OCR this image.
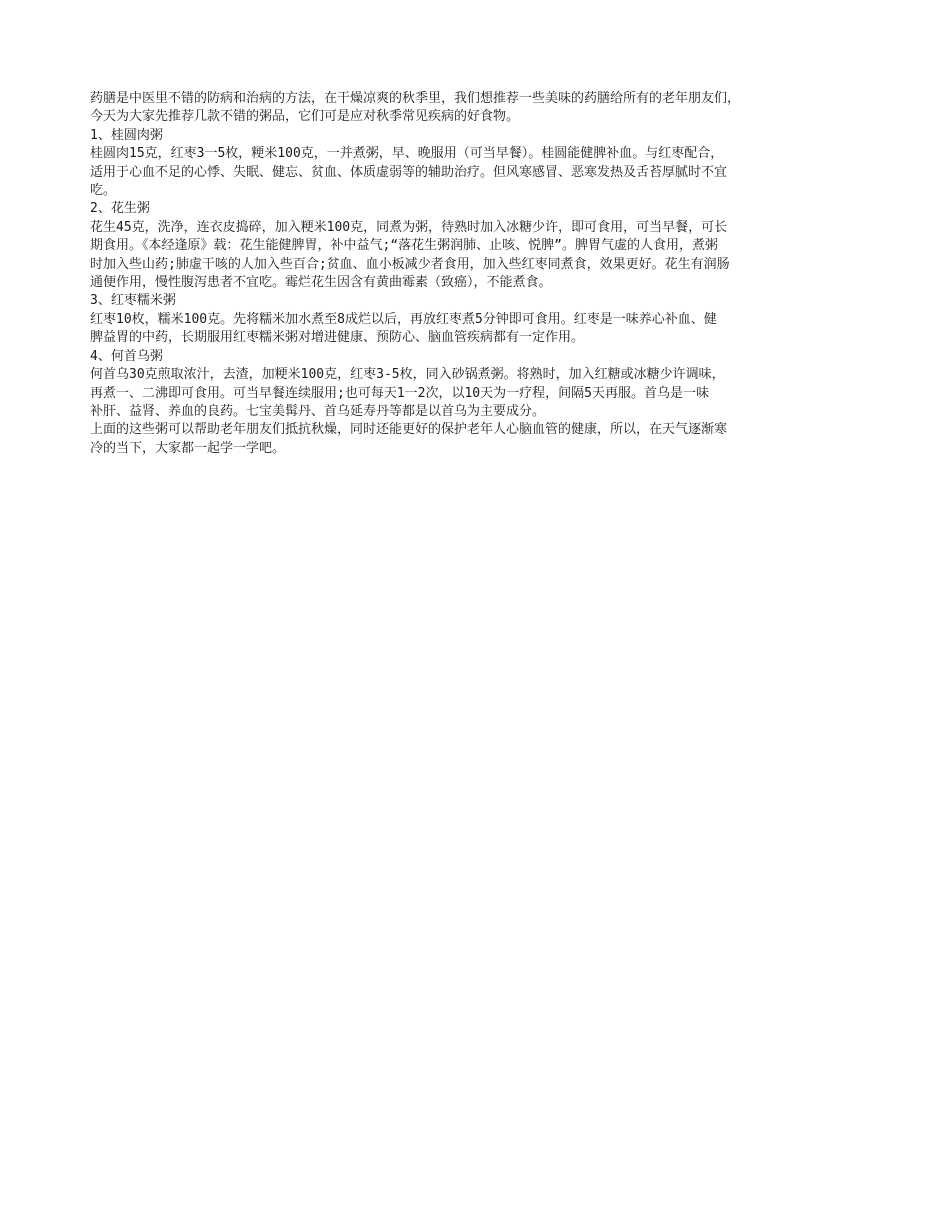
药膳是中医里不错的防病和治病的方法，在干燥凉爽的秋季里，我们想推荐一些美味的药膳给所有的老年朋友们，

今天为大家先推荐几款不错的粥品，它们可是应对秋季常见疾病的好食物。

1、桂圆肉粥

桂圆肉15克，红枣3一5枚，粳米100克，一并煮粥，早、晚服用（可当早餐）。桂圆能健脾补血。与红枣配合，

适用于心血不足的心悸、失眠、健忘、贫血、体质虚弱等的辅助治疗。但风寒感冒、恶寒发热及舌苔厚腻时不宜

吃。

2、花生粥

花生45克，洗净，连衣皮捣碎，加入粳米100克，同煮为粥，待熟时加入冰糖少许，即可食用，可当早餐，可长

期食用。《本经逢原》载：花生能健脾胃，补中益气;“落花生粥润肺、止咳、悦脾”。脾胃气虚的人食用，煮粥

时加入些山药;肺虚干咳的人加入些百合;贫血、血小板减少者食用，加入些红枣同煮食，效果更好。花生有润肠

通便作用，慢性腹泻患者不宜吃。霉烂花生因含有黄曲霉素（致癌），不能煮食。

3、红枣糯米粥

红枣10枚，糯米100克。先将糯米加水煮至8成烂以后，再放红枣煮5分钟即可食用。红枣是一味养心补血、健

脾益胃的中药，长期服用红枣糯米粥对增进健康、预防心、脑血管疾病都有一定作用。

4、何首乌粥

何首乌30克煎取浓汁，去渣，加粳米100克，红枣3-5枚，同入砂锅煮粥。将熟时，加入红糖或冰糖少许调味，

再煮一、二沸即可食用。可当早餐连续服用;也可每天1一2次，以10天为一疗程，间隔5天再服。首乌是一味

补肝、益肾、养血的良药。七宝美髯丹、首乌延寿丹等都是以首乌为主要成分。

上面的这些粥可以帮助老年朋友们抵抗秋燥，同时还能更好的保护老年人心脑血管的健康，所以，在天气逐渐寒

冷的当下，大家都一起学一学吧。
